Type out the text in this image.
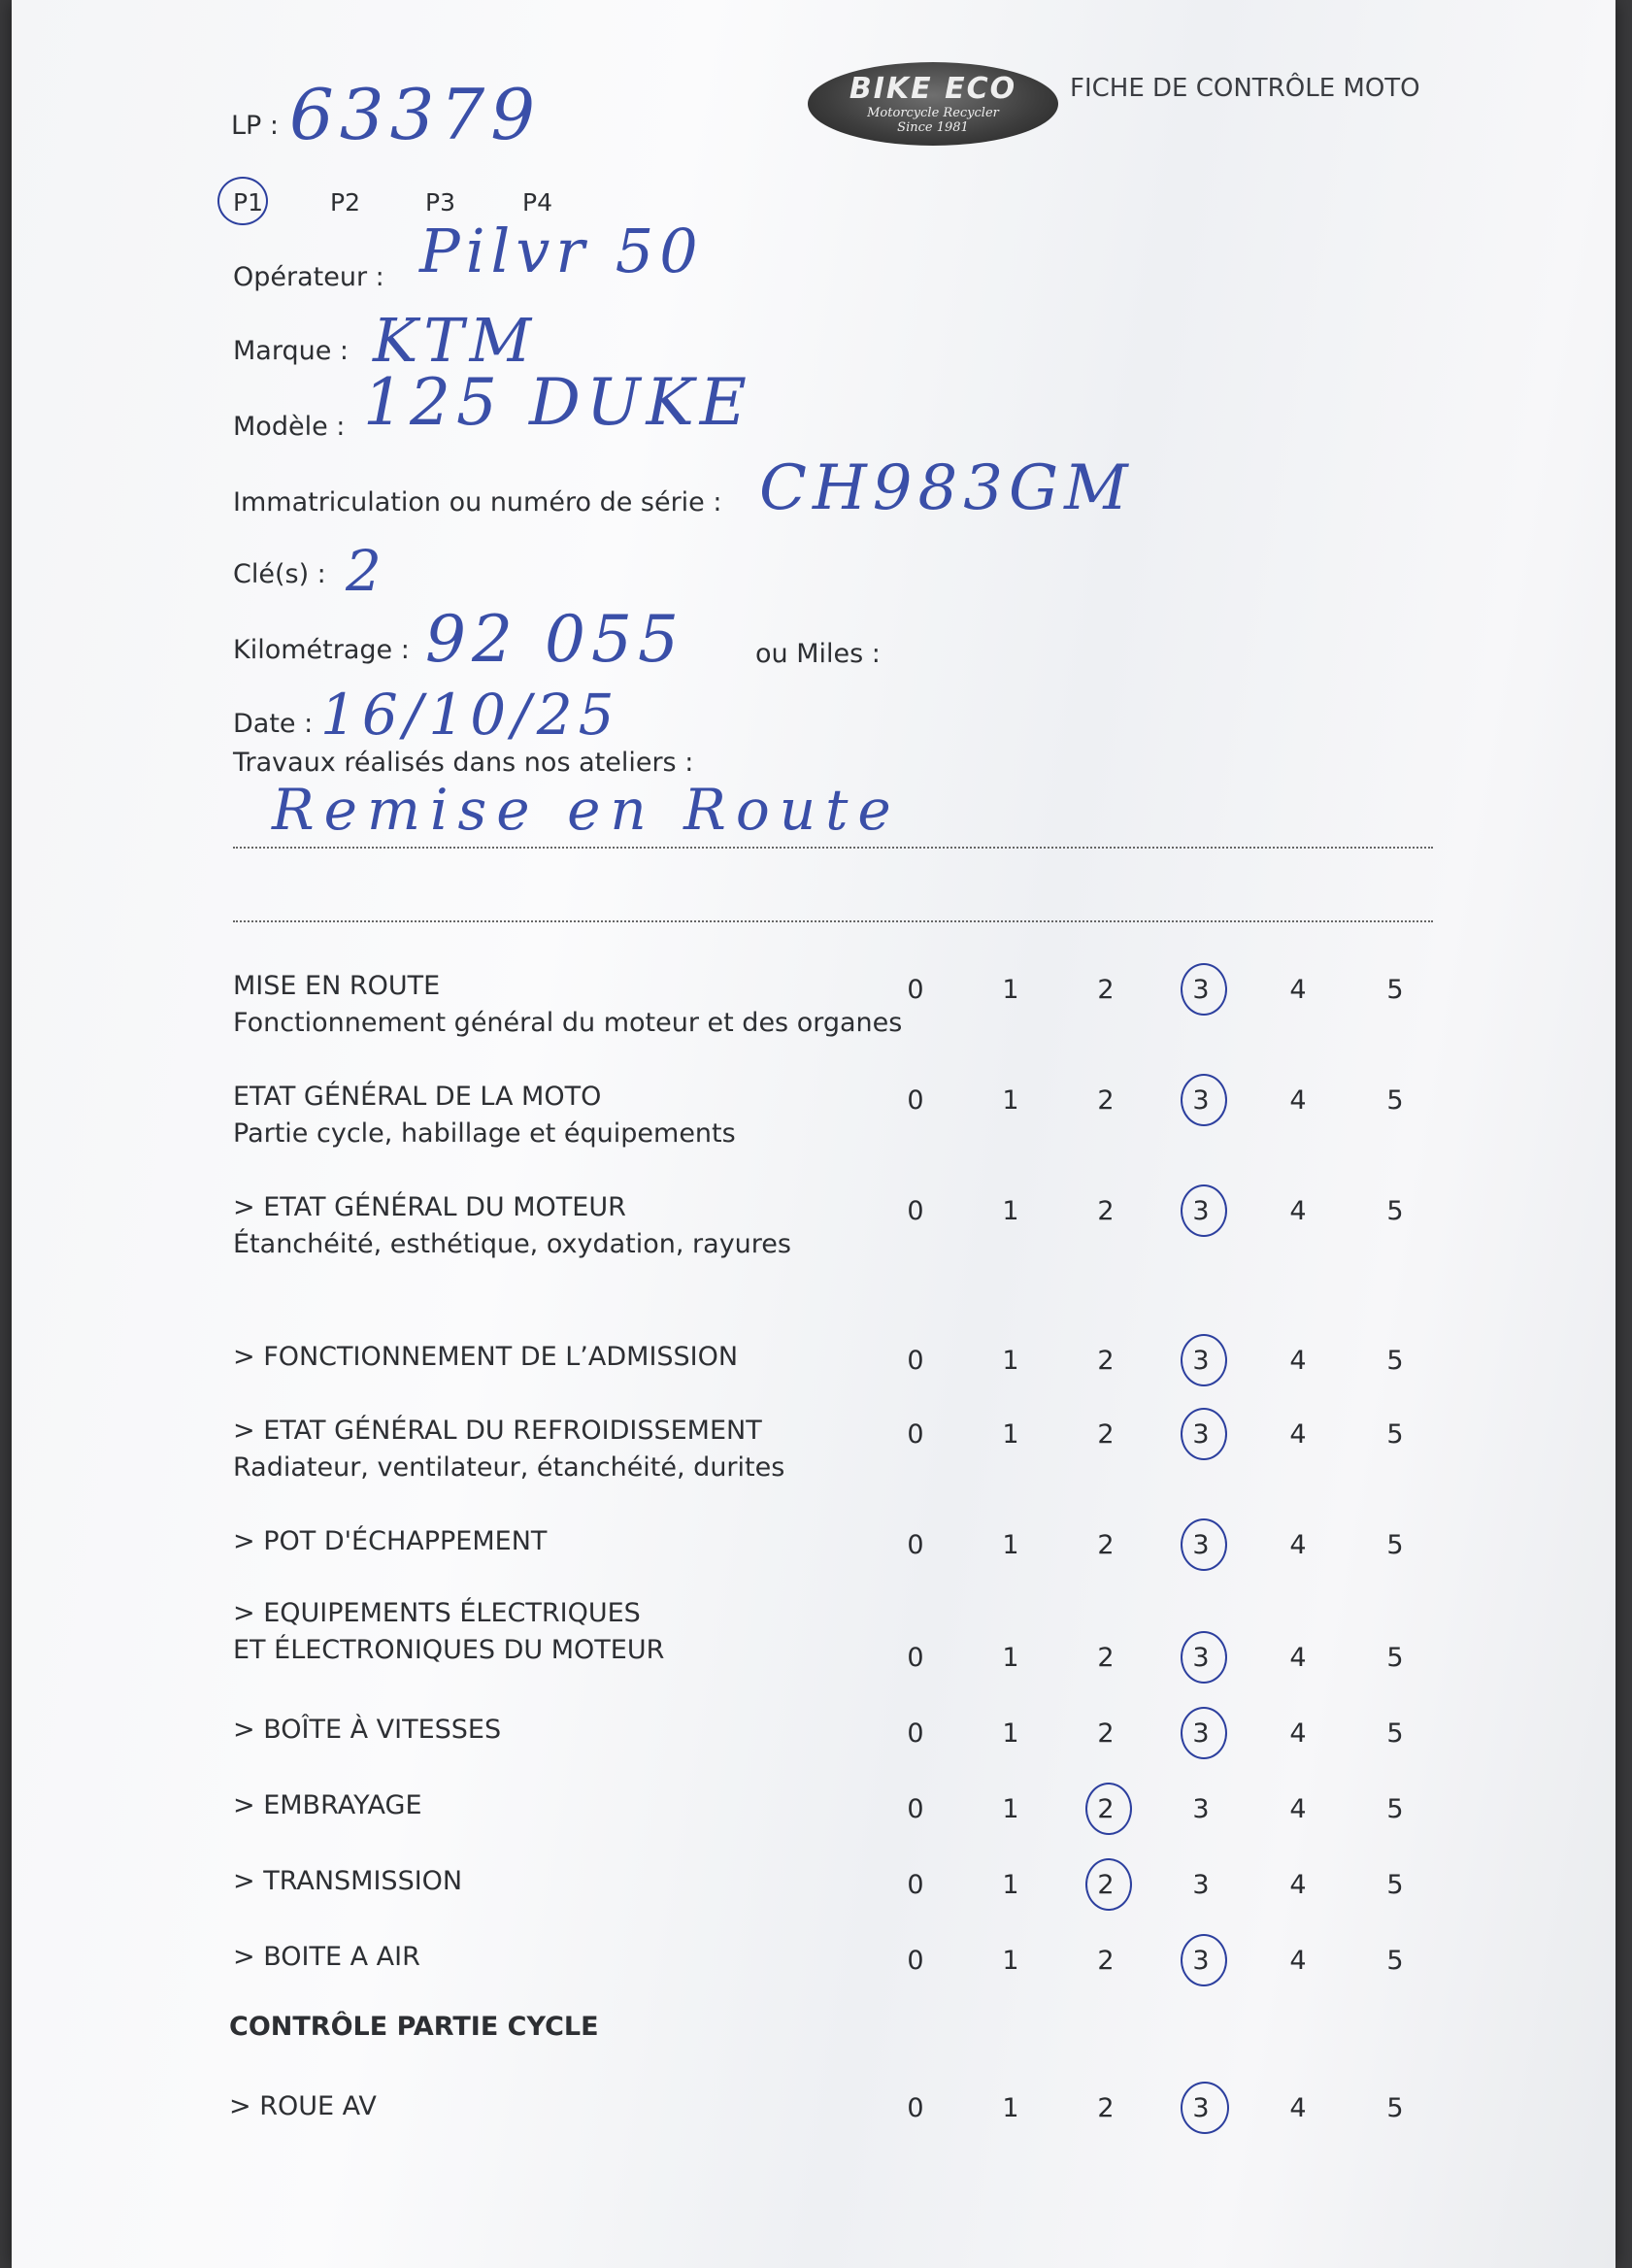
BIKE ECO
Motorcycle Recycler
Since 1981
FICHE DE CONTRÔLE MOTO
LP : 63379
P1	P2	P3	P4
Opérateur : Pilvr 50
Marque : KTM
Modèle : 125 DUKE
Immatriculation ou numéro de série : CH983GM
Clé(s) : 2
Kilométrage : 92 055	ou Miles :
Date : 16/10/25
Travaux réalisés dans nos ateliers :
Remise en Route
MISE EN ROUTE
Fonctionnement général du moteur et des organes
0	1	2	3	4	5
ETAT GÉNÉRAL DE LA MOTO
Partie cycle, habillage et équipements
0	1	2	3	4	5
> ETAT GÉNÉRAL DU MOTEUR
Étanchéité, esthétique, oxydation, rayures
0	1	2	3	4	5
> FONCTIONNEMENT DE L’ADMISSION	0	1	2	3	4	5
> ETAT GÉNÉRAL DU REFROIDISSEMENT
Radiateur, ventilateur, étanchéité, durites
0	1	2	3	4	5
> POT D'ÉCHAPPEMENT	0	1	2	3	4	5
> EQUIPEMENTS ÉLECTRIQUES
ET ÉLECTRONIQUES DU MOTEUR	0	1	2	3	4	5
> BOÎTE À VITESSES	0	1	2	3	4	5
> EMBRAYAGE	0	1	2	3	4	5
> TRANSMISSION	0	1	2	3	4	5
> BOITE A AIR	0	1	2	3	4	5
CONTRÔLE PARTIE CYCLE
> ROUE AV	0	1	2	3	4	5
